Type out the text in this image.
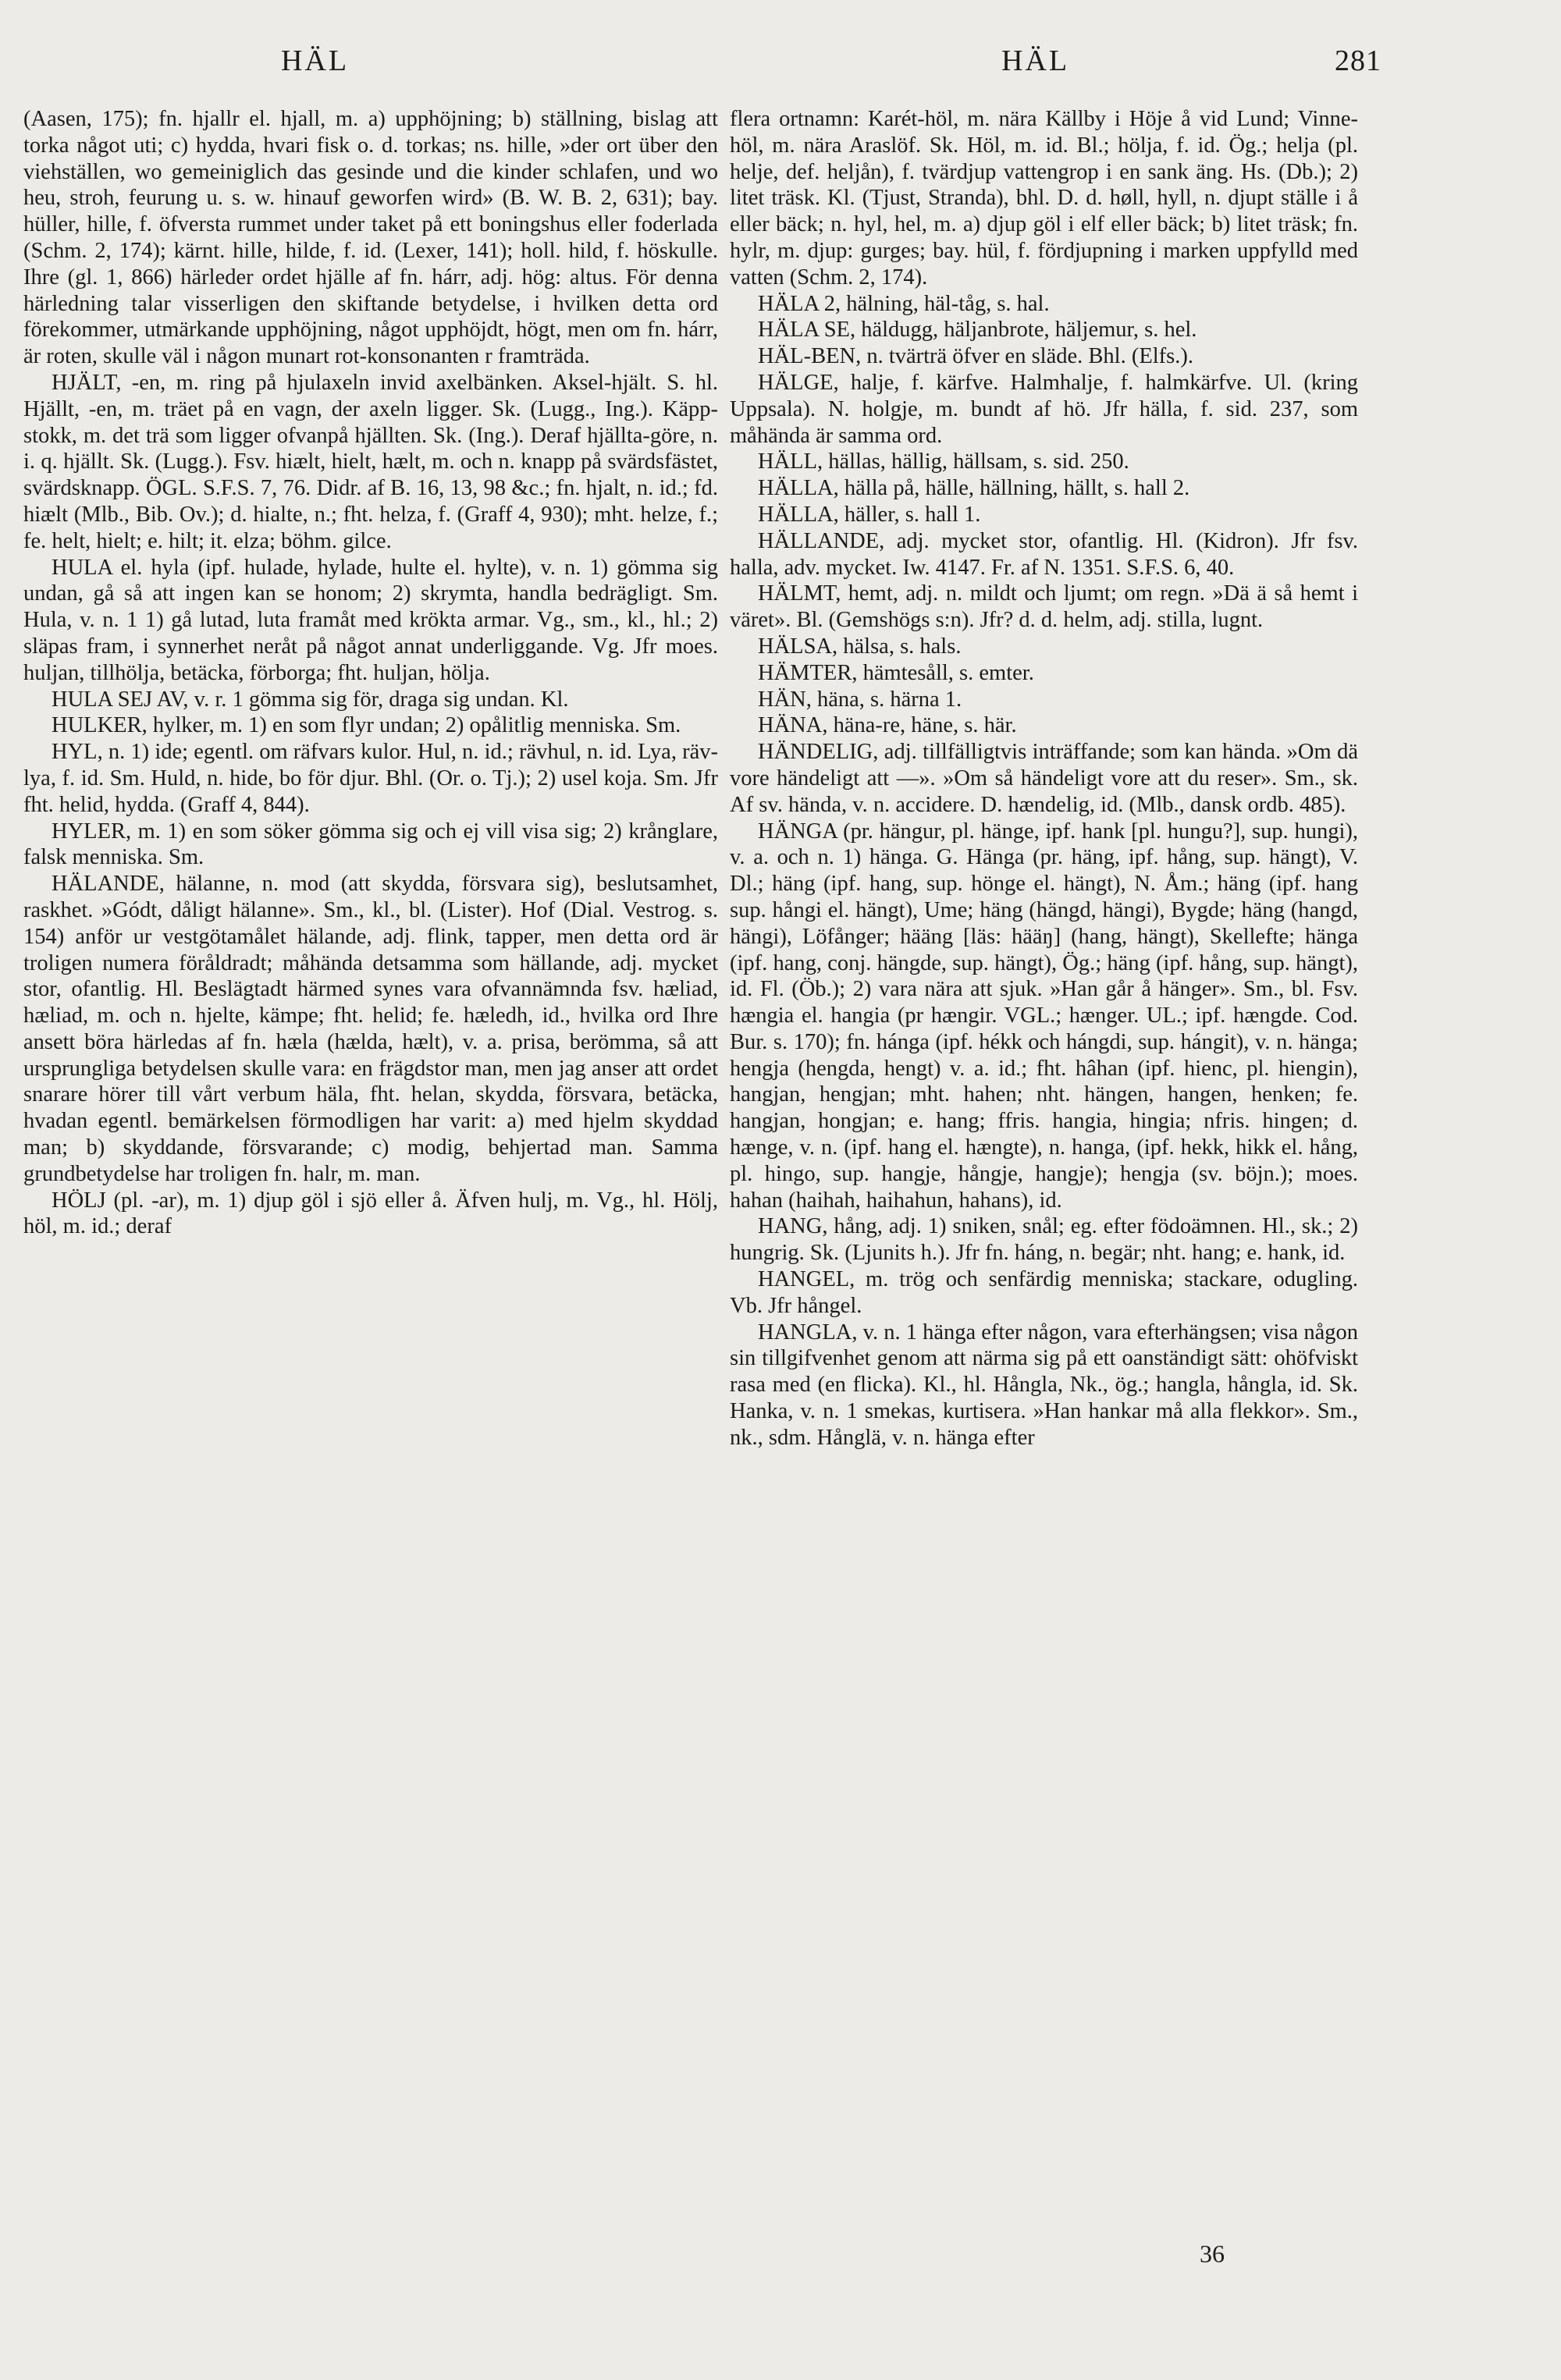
HÄL	HÄL	281

(Aasen, 175); fn. hjallr el. hjall, m. a) upphöjning; b) ställning, bislag att torka något uti; c) hydda, hvari fisk o. d. torkas; ns. hille, »der ort über den viehställen, wo gemeiniglich das gesinde und die kinder schlafen, und wo heu, stroh, feurung u. s. w. hinauf geworfen wird» (B. W. B. 2, 631); bay. hüller, hille, f. öfversta rummet under taket på ett boningshus eller foderlada (Schm. 2, 174); kärnt. hille, hilde, f. id. (Lexer, 141); holl. hild, f. höskulle. Ihre (gl. 1, 866) härleder ordet hjälle af fn. hárr, adj. hög: altus. För denna härledning talar visserligen den skiftande betydelse, i hvilken detta ord förekommer, utmärkande upphöjning, något upphöjdt, högt, men om fn. hárr, är roten, skulle väl i någon munart rot-konsonanten r framträda.

HJÄLT, -en, m. ring på hjulaxeln invid axelbänken. Aksel-hjält. S. hl. Hjällt, -en, m. träet på en vagn, der axeln ligger. Sk. (Lugg., Ing.). Käpp-stokk, m. det trä som ligger ofvanpå hjällten. Sk. (Ing.). Deraf hjällta-göre, n. i. q. hjällt. Sk. (Lugg.). Fsv. hiælt, hielt, hælt, m. och n. knapp på svärdsfästet, svärdsknapp. ÖGL. S.F.S. 7, 76. Didr. af B. 16, 13, 98 &c.; fn. hjalt, n. id.; fd. hiælt (Mlb., Bib. Ov.); d. hialte, n.; fht. helza, f. (Graff 4, 930); mht. helze, f.; fe. helt, hielt; e. hilt; it. elza; böhm. gilce.

HULA el. hyla (ipf. hulade, hylade, hulte el. hylte), v. n. 1) gömma sig undan, gå så att ingen kan se honom; 2) skrymta, handla bedrägligt. Sm. Hula, v. n. 1 1) gå lutad, luta framåt med krökta armar. Vg., sm., kl., hl.; 2) släpas fram, i synnerhet neråt på något annat underliggande. Vg. Jfr moes. huljan, tillhölja, betäcka, förborga; fht. huljan, hölja.

HULA SEJ AV, v. r. 1 gömma sig för, draga sig undan. Kl.

HULKER, hylker, m. 1) en som flyr undan; 2) opålitlig menniska. Sm.

HYL, n. 1) ide; egentl. om räfvars kulor. Hul, n. id.; rävhul, n. id. Lya, räv-lya, f. id. Sm. Huld, n. hide, bo för djur. Bhl. (Or. o. Tj.); 2) usel koja. Sm. Jfr fht. helid, hydda. (Graff 4, 844).

HYLER, m. 1) en som söker gömma sig och ej vill visa sig; 2) krånglare, falsk menniska. Sm.

HÄLANDE, hälanne, n. mod (att skydda, försvara sig), beslutsamhet, raskhet. »Gódt, dåligt hälanne». Sm., kl., bl. (Lister). Hof (Dial. Vestrog. s. 154) anför ur vestgötamålet hälande, adj. flink, tapper, men detta ord är troligen numera föråldradt; måhända detsamma som hällande, adj. mycket stor, ofantlig. Hl. Beslägtadt härmed synes vara ofvannämnda fsv. hæliad, hæliad, m. och n. hjelte, kämpe; fht. helid; fe. hæledh, id., hvilka ord Ihre ansett böra härledas af fn. hæla (hælda, hælt), v. a. prisa, berömma, så att ursprungliga betydelsen skulle vara: en frägdstor man, men jag anser att ordet snarare hörer till vårt verbum häla, fht. helan, skydda, försvara, betäcka, hvadan egentl. bemärkelsen förmodligen har varit: a) med hjelm skyddad man; b) skyddande, försvarande; c) modig, behjertad man. Samma grundbetydelse har troligen fn. halr, m. man.

HÖLJ (pl. -ar), m. 1) djup göl i sjö eller å. Äfven hulj, m. Vg., hl. Hölj, höl, m. id.; deraf

flera ortnamn: Karét-höl, m. nära Källby i Höje å vid Lund; Vinne-höl, m. nära Araslöf. Sk. Höl, m. id. Bl.; hölja, f. id. Ög.; helja (pl. helje, def. heljån), f. tvärdjup vattengrop i en sank äng. Hs. (Db.); 2) litet träsk. Kl. (Tjust, Stranda), bhl. D. d. høll, hyll, n. djupt ställe i å eller bäck; n. hyl, hel, m. a) djup göl i elf eller bäck; b) litet träsk; fn. hylr, m. djup: gurges; bay. hül, f. fördjupning i marken uppfylld med vatten (Schm. 2, 174).

HÄLA 2, hälning, häl-tåg, s. hal.

HÄLA SE, häldugg, häljanbrote, häljemur, s. hel.

HÄL-BEN, n. tvärträ öfver en släde. Bhl. (Elfs.).

HÄLGE, halje, f. kärfve. Halmhalje, f. halmkärfve. Ul. (kring Uppsala). N. holgje, m. bundt af hö. Jfr hälla, f. sid. 237, som måhända är samma ord.

HÄLL, hällas, hällig, hällsam, s. sid. 250.

HÄLLA, hälla på, hälle, hällning, hällt, s. hall 2.

HÄLLA, häller, s. hall 1.

HÄLLANDE, adj. mycket stor, ofantlig. Hl. (Kidron). Jfr fsv. halla, adv. mycket. Iw. 4147. Fr. af N. 1351. S.F.S. 6, 40.

HÄLMT, hemt, adj. n. mildt och ljumt; om regn. »Dä ä så hemt i väret». Bl. (Gemshögs s:n). Jfr? d. d. helm, adj. stilla, lugnt.

HÄLSA, hälsa, s. hals.

HÄMTER, hämtesåll, s. emter.

HÄN, häna, s. härna 1.

HÄNA, häna-re, häne, s. här.

HÄNDELIG, adj. tillfälligtvis inträffande; som kan hända. »Om dä vore händeligt att —». »Om så händeligt vore att du reser». Sm., sk. Af sv. hända, v. n. accidere. D. hændelig, id. (Mlb., dansk ordb. 485).

HÄNGA (pr. hängur, pl. hänge, ipf. hank [pl. hungu?], sup. hungi), v. a. och n. 1) hänga. G. Hänga (pr. häng, ipf. hång, sup. hängt), V. Dl.; häng (ipf. hang, sup. hönge el. hängt), N. Åm.; häng (ipf. hang sup. hångi el. hängt), Ume; häng (hängd, hängi), Bygde; häng (hangd, hängi), Löfånger; hääng [läs: hääŋ] (hang, hängt), Skellefte; hänga (ipf. hang, conj. hängde, sup. hängt), Ög.; häng (ipf. hång, sup. hängt), id. Fl. (Öb.); 2) vara nära att sjuk. »Han går å hänger». Sm., bl. Fsv. hængia el. hangia (pr hængir. VGL.; hænger. UL.; ipf. hængde. Cod. Bur. s. 170); fn. hánga (ipf. hékk och hángdi, sup. hángit), v. n. hänga; hengja (hengda, hengt) v. a. id.; fht. hâhan (ipf. hienc, pl. hiengin), hangjan, hengjan; mht. hahen; nht. hängen, hangen, henken; fe. hangjan, hongjan; e. hang; ffris. hangia, hingia; nfris. hingen; d. hænge, v. n. (ipf. hang el. hængte), n. hanga, (ipf. hekk, hikk el. hång, pl. hingo, sup. hangje, hångje, hangje); hengja (sv. böjn.); moes. hahan (haihah, haihahun, hahans), id.

HANG, hång, adj. 1) sniken, snål; eg. efter födoämnen. Hl., sk.; 2) hungrig. Sk. (Ljunits h.). Jfr fn. háng, n. begär; nht. hang; e. hank, id.

HANGEL, m. trög och senfärdig menniska; stackare, odugling. Vb. Jfr hångel.

HANGLA, v. n. 1 hänga efter någon, vara efterhängsen; visa någon sin tillgifvenhet genom att närma sig på ett oanständigt sätt: ohöfviskt rasa med (en flicka). Kl., hl. Hångla, Nk., ög.; hangla, hångla, id. Sk. Hanka, v. n. 1 smekas, kurtisera. »Han hankar må alla flekkor». Sm., nk., sdm. Hånglä, v. n. hänga efter

36
